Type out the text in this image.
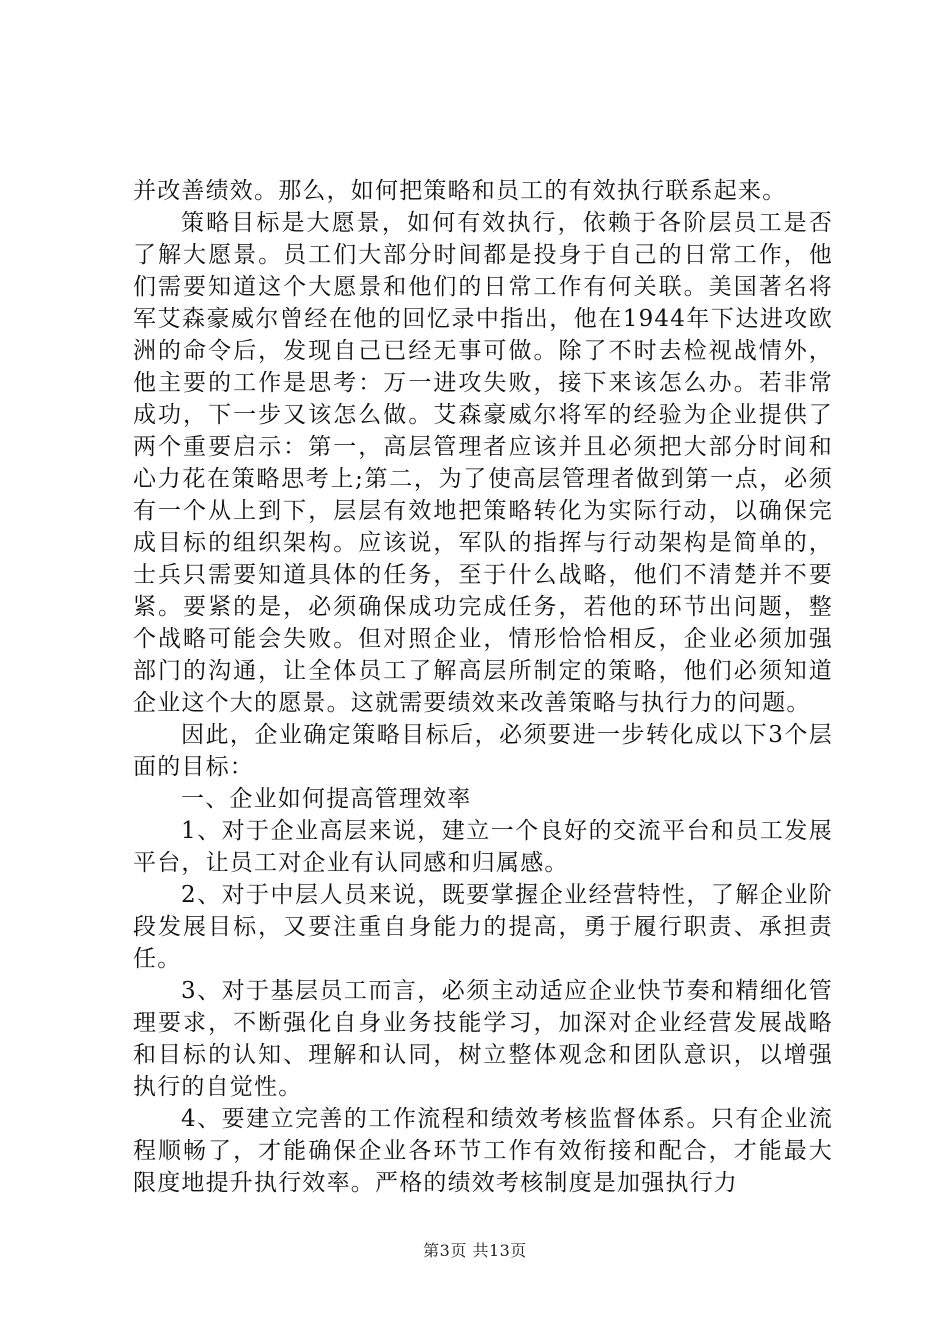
并改善绩效。那么，如何把策略和员工的有效执行联系起来。

策略目标是大愿景，如何有效执行，依赖于各阶层员工是否了解大愿景。员工们大部分时间都是投身于自己的日常工作，他们需要知道这个大愿景和他们的日常工作有何关联。美国著名将军艾森豪威尔曾经在他的回忆录中指出，他在1944年下达进攻欧洲的命令后，发现自己已经无事可做。除了不时去检视战情外，他主要的工作是思考：万一进攻失败，接下来该怎么办。若非常成功，下一步又该怎么做。艾森豪威尔将军的经验为企业提供了两个重要启示：第一，高层管理者应该并且必须把大部分时间和心力花在策略思考上;第二，为了使高层管理者做到第一点，必须有一个从上到下，层层有效地把策略转化为实际行动，以确保完成目标的组织架构。应该说，军队的指挥与行动架构是简单的，士兵只需要知道具体的任务，至于什么战略，他们不清楚并不要紧。要紧的是，必须确保成功完成任务，若他的环节出问题，整个战略可能会失败。但对照企业，情形恰恰相反，企业必须加强部门的沟通，让全体员工了解高层所制定的策略，他们必须知道企业这个大的愿景。这就需要绩效来改善策略与执行力的问题。

因此，企业确定策略目标后，必须要进一步转化成以下3个层面的目标：

一、企业如何提高管理效率

1、对于企业高层来说，建立一个良好的交流平台和员工发展平台，让员工对企业有认同感和归属感。

2、对于中层人员来说，既要掌握企业经营特性，了解企业阶段发展目标，又要注重自身能力的提高，勇于履行职责、承担责任。

3、对于基层员工而言，必须主动适应企业快节奏和精细化管理要求，不断强化自身业务技能学习，加深对企业经营发展战略和目标的认知、理解和认同，树立整体观念和团队意识，以增强执行的自觉性。

4、要建立完善的工作流程和绩效考核监督体系。只有企业流程顺畅了，才能确保企业各环节工作有效衔接和配合，才能最大限度地提升执行效率。严格的绩效考核制度是加强执行力

第3页 共13页
